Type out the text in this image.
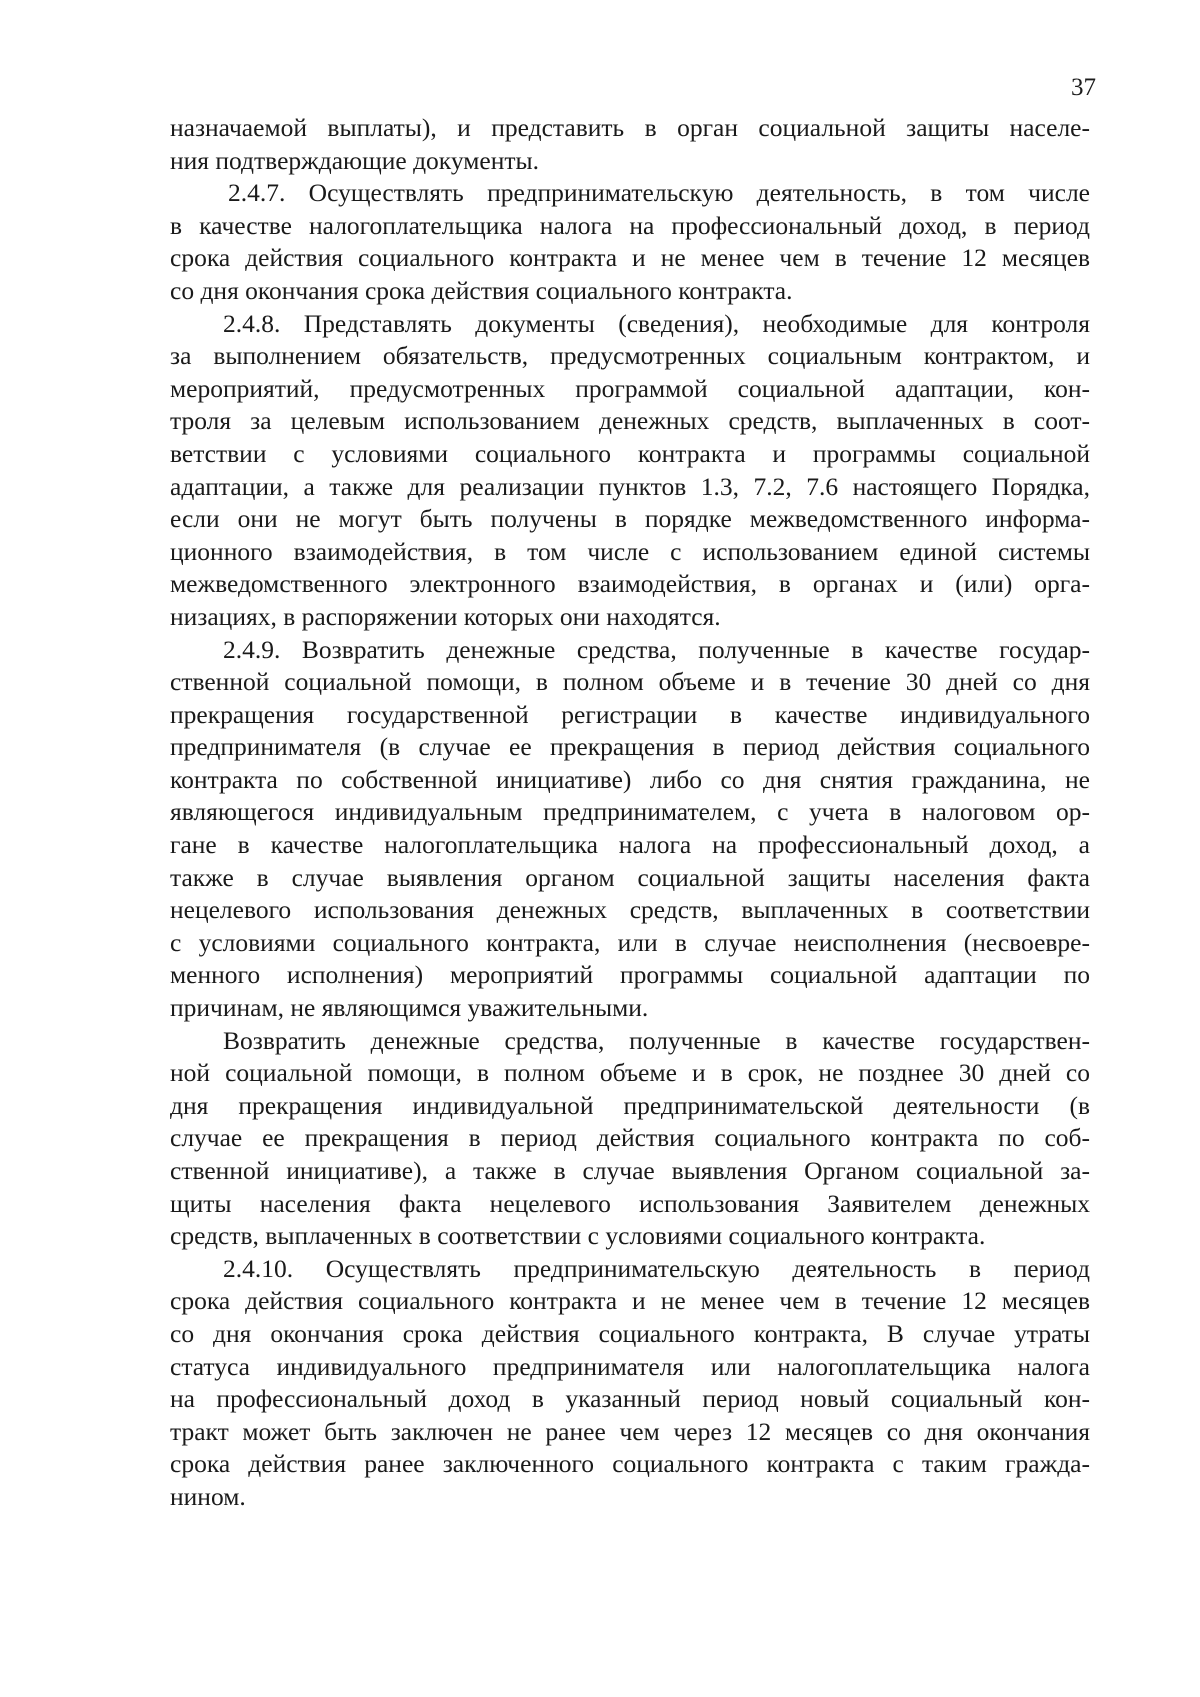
37

назначаемой выплаты), и представить в орган социальной защиты населе-
ния подтверждающие документы.

2.4.7. Осуществлять предпринимательскую деятельность, в том числе
в качестве налогоплательщика налога на профессиональный доход, в период
срока действия социального контракта и не менее чем в течение 12 месяцев
со дня окончания срока действия социального контракта.

2.4.8. Представлять документы (сведения), необходимые для контроля
за выполнением обязательств, предусмотренных социальным контрактом, и
мероприятий, предусмотренных программой социальной адаптации, кон-
троля за целевым использованием денежных средств, выплаченных в соот-
ветствии с условиями социального контракта и программы социальной
адаптации, а также для реализации пунктов 1.3, 7.2, 7.6 настоящего Порядка,
если они не могут быть получены в порядке межведомственного информа-
ционного взаимодействия, в том числе с использованием единой системы
межведомственного электронного взаимодействия, в органах и (или) орга-
низациях, в распоряжении которых они находятся.

2.4.9. Возвратить денежные средства, полученные в качестве государ-
ственной социальной помощи, в полном объеме и в течение 30 дней со дня
прекращения государственной регистрации в качестве индивидуального
предпринимателя (в случае ее прекращения в период действия социального
контракта по собственной инициативе) либо со дня снятия гражданина, не
являющегося индивидуальным предпринимателем, с учета в налоговом ор-
гане в качестве налогоплательщика налога на профессиональный доход, а
также в случае выявления органом социальной защиты населения факта
нецелевого использования денежных средств, выплаченных в соответствии
с условиями социального контракта, или в случае неисполнения (несвоевре-
менного исполнения) мероприятий программы социальной адаптации по
причинам, не являющимся уважительными.

Возвратить денежные средства, полученные в качестве государствен-
ной социальной помощи, в полном объеме и в срок, не позднее 30 дней со
дня прекращения индивидуальной предпринимательской деятельности (в
случае ее прекращения в период действия социального контракта по соб-
ственной инициативе), а также в случае выявления Органом социальной за-
щиты населения факта нецелевого использования Заявителем денежных
средств, выплаченных в соответствии с условиями социального контракта.

2.4.10. Осуществлять предпринимательскую деятельность в период
срока действия социального контракта и не менее чем в течение 12 месяцев
со дня окончания срока действия социального контракта, В случае утраты
статуса индивидуального предпринимателя или налогоплательщика налога
на профессиональный доход в указанный период новый социальный кон-
тракт может быть заключен не ранее чем через 12 месяцев со дня окончания
срока действия ранее заключенного социального контракта с таким гражда-
нином.
